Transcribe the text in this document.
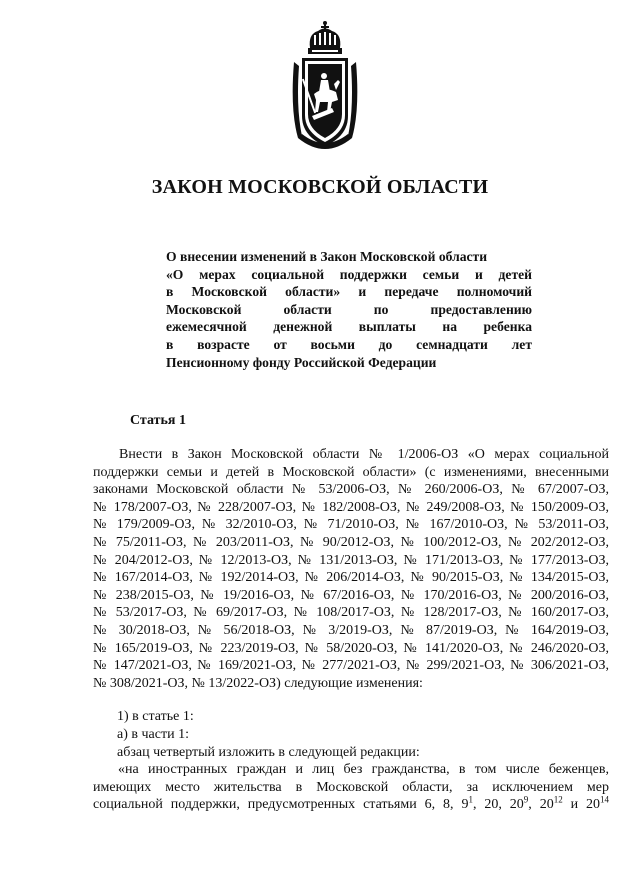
ЗАКОН МОСКОВСКОЙ ОБЛАСТИ
О внесении изменений в Закон Московской области
«О мерах социальной поддержки семьи и детей
в Московской области» и передаче полномочий
Московской области по предоставлению
ежемесячной денежной выплаты на ребенка
в возрасте от восьми до семнадцати лет
Пенсионному фонду Российской Федерации
Статья 1
Внести в Закон Московской области № 1/2006-ОЗ «О мерах социальной
поддержки семьи и детей в Московской области» (с изменениями, внесенными
законами Московской области № 53/2006-ОЗ, № 260/2006-ОЗ, № 67/2007-ОЗ,
№ 178/2007-ОЗ, № 228/2007-ОЗ, № 182/2008-ОЗ, № 249/2008-ОЗ, № 150/2009-ОЗ,
№ 179/2009-ОЗ, № 32/2010-ОЗ, № 71/2010-ОЗ, № 167/2010-ОЗ, № 53/2011-ОЗ,
№ 75/2011-ОЗ, № 203/2011-ОЗ, № 90/2012-ОЗ, № 100/2012-ОЗ, № 202/2012-ОЗ,
№ 204/2012-ОЗ, № 12/2013-ОЗ, № 131/2013-ОЗ, № 171/2013-ОЗ, № 177/2013-ОЗ,
№ 167/2014-ОЗ, № 192/2014-ОЗ, № 206/2014-ОЗ, № 90/2015-ОЗ, № 134/2015-ОЗ,
№ 238/2015-ОЗ, № 19/2016-ОЗ, № 67/2016-ОЗ, № 170/2016-ОЗ, № 200/2016-ОЗ,
№ 53/2017-ОЗ, № 69/2017-ОЗ, № 108/2017-ОЗ, № 128/2017-ОЗ, № 160/2017-ОЗ,
№ 30/2018-ОЗ, № 56/2018-ОЗ, № 3/2019-ОЗ, № 87/2019-ОЗ, № 164/2019-ОЗ,
№ 165/2019-ОЗ, № 223/2019-ОЗ, № 58/2020-ОЗ, № 141/2020-ОЗ, № 246/2020-ОЗ,
№ 147/2021-ОЗ, № 169/2021-ОЗ, № 277/2021-ОЗ, № 299/2021-ОЗ, № 306/2021-ОЗ,
№ 308/2021-ОЗ, № 13/2022-ОЗ) следующие изменения:
1) в статье 1:
а) в части 1:
абзац четвертый изложить в следующей редакции:
«на иностранных граждан и лиц без гражданства, в том числе беженцев,
имеющих место жительства в Московской области, за исключением мер
социальной поддержки, предусмотренных статьями 6, 8, $9^1$, 20, $20^9$, $20^{12}$ и $20^{14}$
